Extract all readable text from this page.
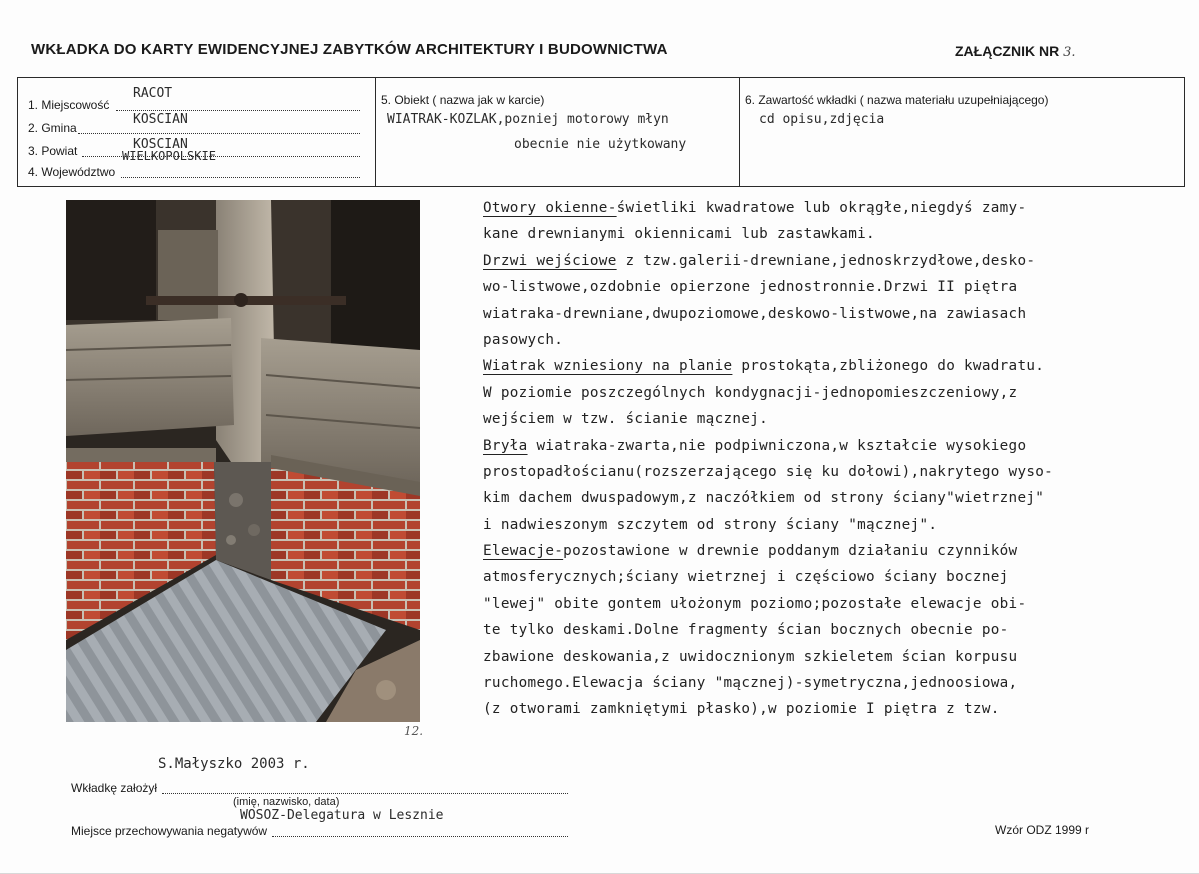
WKŁADKA DO KARTY EWIDENCYJNEJ ZABYTKÓW ARCHITEKTURY I BUDOWNICTWA	ZAŁĄCZNIK NR 3.
1. Miejscowość
RACOT
2. Gmina
KOSCIAN
3. Powiat	KOSCIAN
4. Województwo
WIELKOPOLSKIE
5. Obiekt ( nazwa jak w karcie)
WIATRAK-KOZLAK,pozniej motorowy młyn
obecnie nie użytkowany
6. Zawartość wkładki ( nazwa materiału uzupełniającego)
cd opisu,zdjęcia
12.
Otwory okienne-świetliki kwadratowe lub okrągłe,niegdyś zamy-
kane drewnianymi okiennicami lub zastawkami.
Drzwi wejściowe z tzw.galerii-drewniane,jednoskrzydłowe,desko-
wo-listwowe,ozdobnie opierzone jednostronnie.Drzwi II piętra
wiatraka-drewniane,dwupoziomowe,deskowo-listwowe,na zawiasach
pasowych.
Wiatrak wzniesiony na planie prostokąta,zbliżonego do kwadratu.
W poziomie poszczególnych kondygnacji-jednopomieszczeniowy,z
wejściem w tzw. ścianie mącznej.
Bryła wiatraka-zwarta,nie podpiwniczona,w kształcie wysokiego
prostopadłościanu(rozszerzającego się ku dołowi),nakrytego wyso-
kim dachem dwuspadowym,z naczółkiem od strony ściany"wietrznej"
i nadwieszonym szczytem od strony ściany "mącznej".
Elewacje-pozostawione w drewnie poddanym działaniu czynników
atmosferycznych;ściany wietrznej i częściowo ściany bocznej
"lewej" obite gontem ułożonym poziomo;pozostałe elewacje obi-
te tylko deskami.Dolne fragmenty ścian bocznych obecnie po-
zbawione deskowania,z uwidocznionym szkieletem ścian korpusu
ruchomego.Elewacja ściany "mącznej)-symetryczna,jednoosiowa,
(z otworami zamkniętymi płasko),w poziomie I piętra z tzw.
S.Małyszko 2003 r.
Wkładkę założył
(imię, nazwisko, data)
WOSOZ-Delegatura w Lesznie
Miejsce przechowywania negatywów	Wzór ODZ 1999 r
